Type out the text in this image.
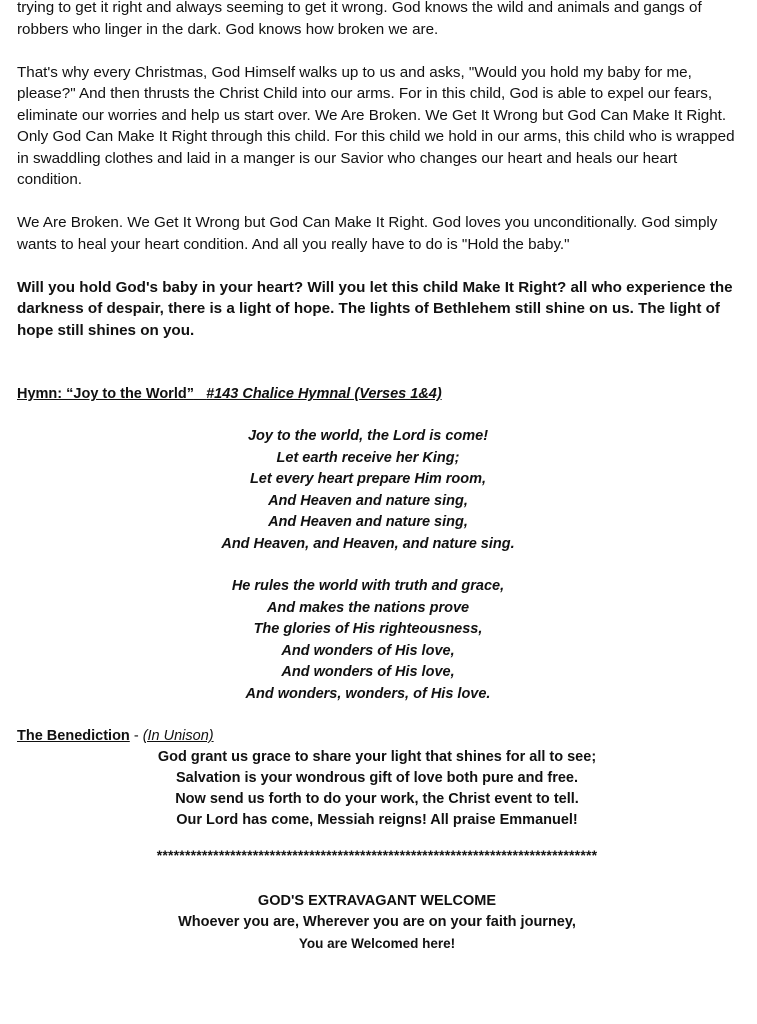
trying to get it right and always seeming to get it wrong. God knows the wild and animals and gangs of robbers who linger in the dark. God knows how broken we are.

That's why every Christmas, God Himself walks up to us and asks, "Would you hold my baby for me, please?" And then thrusts the Christ Child into our arms. For in this child, God is able to expel our fears, eliminate our worries and help us start over. We Are Broken. We Get It Wrong but God Can Make It Right. Only God Can Make It Right through this child. For this child we hold in our arms, this child who is wrapped in swaddling clothes and laid in a manger is our Savior who changes our heart and heals our heart condition.

We Are Broken. We Get It Wrong but God Can Make It Right. God loves you unconditionally. God simply wants to heal your heart condition. And all you really have to do is "Hold the baby."

Will you hold God's baby in your heart? Will you let this child Make It Right? all who experience the darkness of despair, there is a light of hope. The lights of Bethlehem still shine on us. The light of hope still shines on you.

Hymn: “Joy to the World” #143 Chalice Hymnal (Verses 1&4)

Joy to the world, the Lord is come!

Let earth receive her King;

Let every heart prepare Him room,

And Heaven and nature sing,

And Heaven and nature sing,

And Heaven, and Heaven, and nature sing.

He rules the world with truth and grace,

And makes the nations prove

The glories of His righteousness,

And wonders of His love,

And wonders of His love,

And wonders, wonders, of His love.

The Benediction - (In Unison)

God grant us grace to share your light that shines for all to see;

Salvation is your wondrous gift of love both pure and free.

Now send us forth to do your work, the Christ event to tell.

Our Lord has come, Messiah reigns! All praise Emmanuel!

******************************************************************************

GOD'S EXTRAVAGANT WELCOME

Whoever you are, Wherever you are on your faith journey,

You are Welcomed here!
